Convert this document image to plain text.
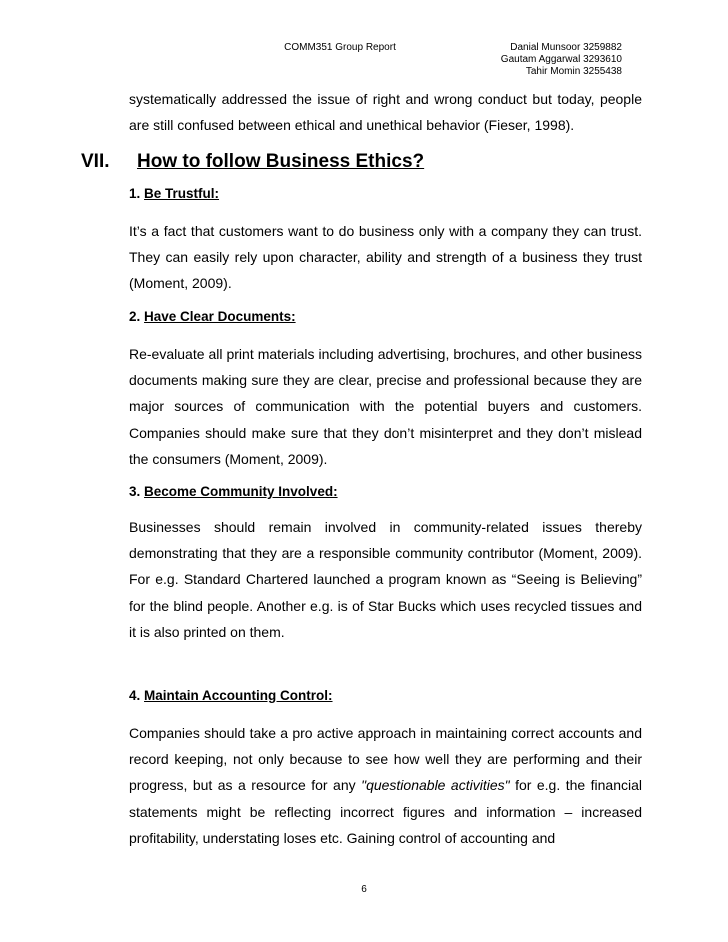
COMM351 Group Report	Danial Munsoor 3259882
Gautam Aggarwal 3293610
Tahir Momin 3255438
systematically addressed the issue of right and wrong conduct but today, people are still confused between ethical and unethical behavior (Fieser, 1998).
VII. How to follow Business Ethics?
1. Be Trustful:
It’s a fact that customers want to do business only with a company they can trust. They can easily rely upon character, ability and strength of a business they trust (Moment, 2009).
2. Have Clear Documents:
Re-evaluate all print materials including advertising, brochures, and other business documents making sure they are clear, precise and professional because they are major sources of communication with the potential buyers and customers. Companies should make sure that they don’t misinterpret and they don’t mislead the consumers (Moment, 2009).
3. Become Community Involved:
Businesses should remain involved in community-related issues thereby demonstrating that they are a responsible community contributor (Moment, 2009). For e.g. Standard Chartered launched a program known as “Seeing is Believing” for the blind people. Another e.g. is of Star Bucks which uses recycled tissues and it is also printed on them.
4. Maintain Accounting Control:
Companies should take a pro active approach in maintaining correct accounts and record keeping, not only because to see how well they are performing and their progress, but as a resource for any "questionable activities" for e.g. the financial statements might be reflecting incorrect figures and information – increased profitability, understating loses etc. Gaining control of accounting and
6
